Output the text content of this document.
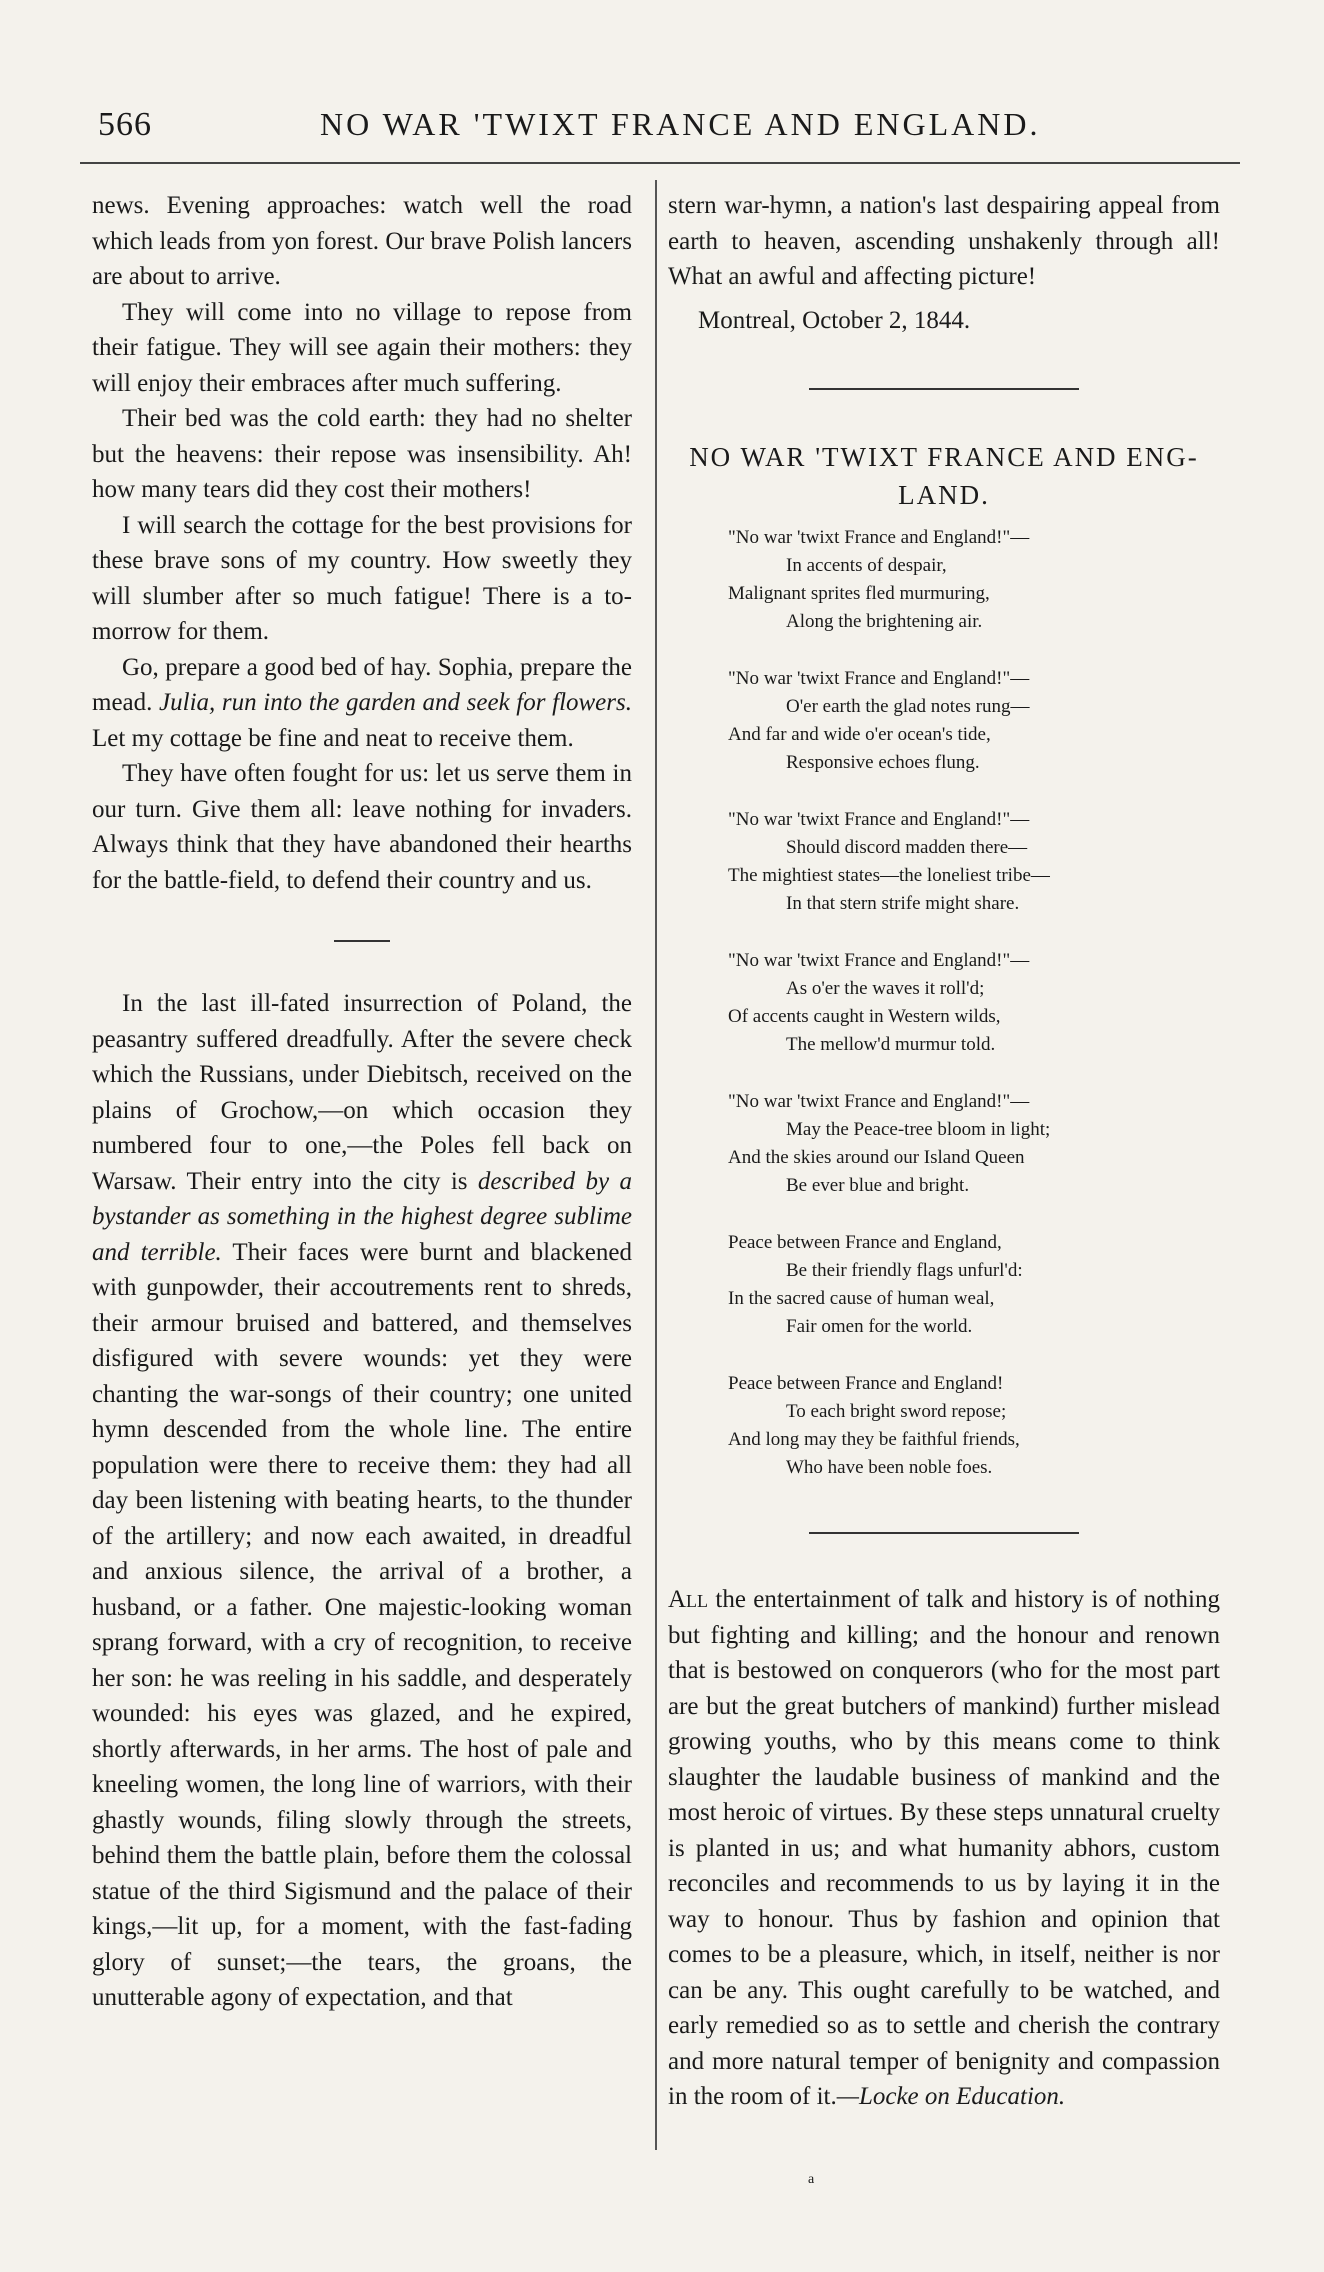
566	NO WAR 'TWIXT FRANCE AND ENGLAND.

news. Evening approaches: watch well the road which leads from yon forest. Our brave Polish lancers are about to arrive.

They will come into no village to repose from their fatigue. They will see again their mothers: they will enjoy their embraces after much suffering.

Their bed was the cold earth: they had no shelter but the heavens: their repose was insensibility. Ah! how many tears did they cost their mothers!

I will search the cottage for the best provisions for these brave sons of my country. How sweetly they will slumber after so much fatigue! There is a to-morrow for them.

Go, prepare a good bed of hay. Sophia, prepare the mead. Julia, run into the garden and seek for flowers. Let my cottage be fine and neat to receive them.

They have often fought for us: let us serve them in our turn. Give them all: leave nothing for invaders. Always think that they have abandoned their hearths for the battle-field, to defend their country and us.

In the last ill-fated insurrection of Poland, the peasantry suffered dreadfully. After the severe check which the Russians, under Diebitsch, received on the plains of Grochow,—on which occasion they numbered four to one,—the Poles fell back on Warsaw. Their entry into the city is described by a bystander as something in the highest degree sublime and terrible. Their faces were burnt and blackened with gunpowder, their accoutrements rent to shreds, their armour bruised and battered, and themselves disfigured with severe wounds: yet they were chanting the war-songs of their country; one united hymn descended from the whole line. The entire population were there to receive them: they had all day been listening with beating hearts, to the thunder of the artillery; and now each awaited, in dreadful and anxious silence, the arrival of a brother, a husband, or a father. One majestic-looking woman sprang forward, with a cry of recognition, to receive her son: he was reeling in his saddle, and desperately wounded: his eyes was glazed, and he expired, shortly afterwards, in her arms. The host of pale and kneeling women, the long line of warriors, with their ghastly wounds, filing slowly through the streets, behind them the battle plain, before them the colossal statue of the third Sigismund and the palace of their kings,—lit up, for a moment, with the fast-fading glory of sunset;—the tears, the groans, the unutterable agony of expectation, and that

stern war-hymn, a nation's last despairing appeal from earth to heaven, ascending unshakenly through all! What an awful and affecting picture!

Montreal, October 2, 1844.

NO WAR 'TWIXT FRANCE AND ENG-
LAND.
"No war 'twixt France and England!"—
In accents of despair,
Malignant sprites fled murmuring,
Along the brightening air.
"No war 'twixt France and England!"—
O'er earth the glad notes rung—
And far and wide o'er ocean's tide,
Responsive echoes flung.
"No war 'twixt France and England!"—
Should discord madden there—
The mightiest states—the loneliest tribe—
In that stern strife might share.
"No war 'twixt France and England!"—
As o'er the waves it roll'd;
Of accents caught in Western wilds,
The mellow'd murmur told.
"No war 'twixt France and England!"—
May the Peace-tree bloom in light;
And the skies around our Island Queen
Be ever blue and bright.
Peace between France and England,
Be their friendly flags unfurl'd:
In the sacred cause of human weal,
Fair omen for the world.
Peace between France and England!
To each bright sword repose;
And long may they be faithful friends,
Who have been noble foes.

All the entertainment of talk and history is of nothing but fighting and killing; and the honour and renown that is bestowed on conquerors (who for the most part are but the great butchers of mankind) further mislead growing youths, who by this means come to think slaughter the laudable business of mankind and the most heroic of virtues. By these steps unnatural cruelty is planted in us; and what humanity abhors, custom reconciles and recommends to us by laying it in the way to honour. Thus by fashion and opinion that comes to be a pleasure, which, in itself, neither is nor can be any. This ought carefully to be watched, and early remedied so as to settle and cherish the contrary and more natural temper of benignity and compassion in the room of it.—Locke on Education.

a
